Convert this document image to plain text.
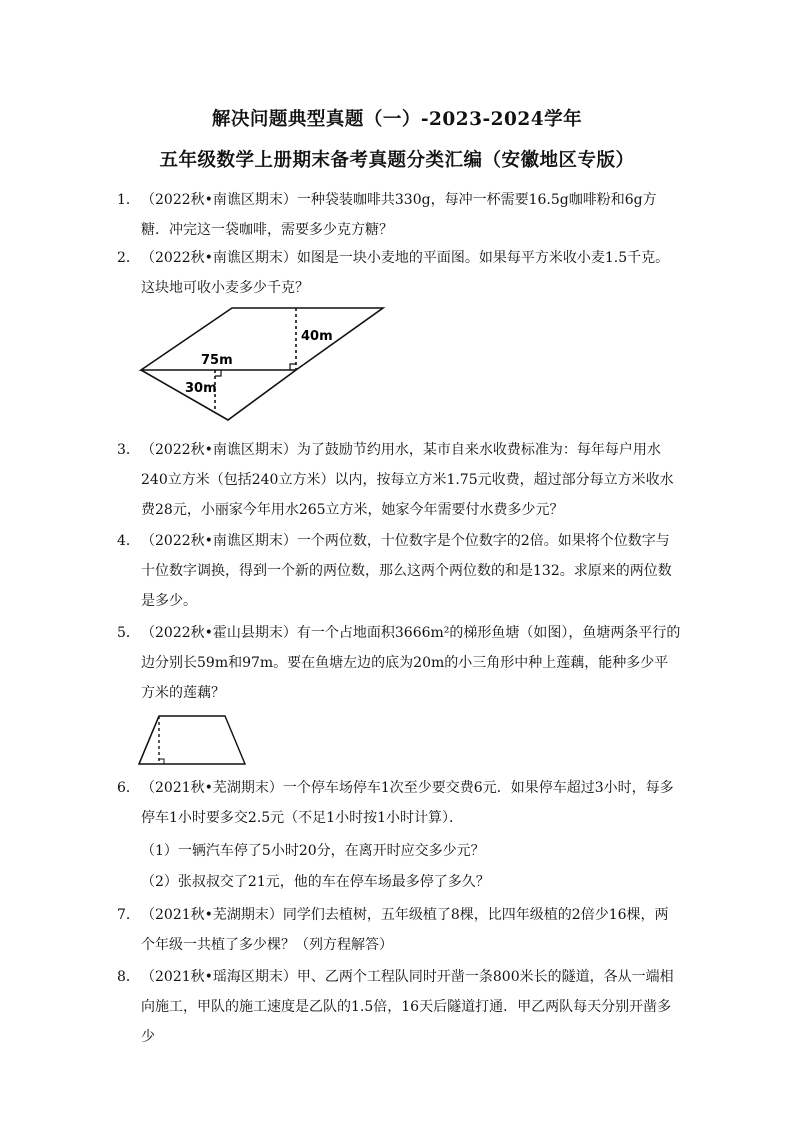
解决问题典型真题（一）-2023-2024学年
五年级数学上册期末备考真题分类汇编（安徽地区专版）
1． （2022秋•南谯区期末）一种袋装咖啡共330g，每冲一杯需要16.5g咖啡粉和6g方糖．冲完这一袋咖啡，需要多少克方糖？
2． （2022秋•南谯区期末）如图是一块小麦地的平面图。如果每平方米收小麦1.5千克。这块地可收小麦多少千克？
40m
75m
30m
3． （2022秋•南谯区期末）为了鼓励节约用水，某市自来水收费标准为：每年每户用水240立方米（包括240立方米）以内，按每立方米1.75元收费，超过部分每立方米收水费28元，小丽家今年用水265立方米，她家今年需要付水费多少元？
4． （2022秋•南谯区期末）一个两位数，十位数字是个位数字的2倍。如果将个位数字与十位数字调换，得到一个新的两位数，那么这两个两位数的和是132。求原来的两位数是多少。
5． （2022秋•霍山县期末）有一个占地面积3666m²的梯形鱼塘（如图），鱼塘两条平行的边分别长59m和97m。要在鱼塘左边的底为20m的小三角形中种上莲藕，能种多少平方米的莲藕？
6． （2021秋•芜湖期末）一个停车场停车1次至少要交费6元．如果停车超过3小时，每多停车1小时要多交2.5元（不足1小时按1小时计算）．
（1）一辆汽车停了5小时20分，在离开时应交多少元？
（2）张叔叔交了21元，他的车在停车场最多停了多久？
7． （2021秋•芜湖期末）同学们去植树，五年级植了8棵，比四年级植的2倍少16棵，两个年级一共植了多少棵？（列方程解答）
8． （2021秋•瑶海区期末）甲、乙两个工程队同时开凿一条800米长的隧道，各从一端相向施工，甲队的施工速度是乙队的1.5倍，16天后隧道打通．甲乙两队每天分别开凿多少
